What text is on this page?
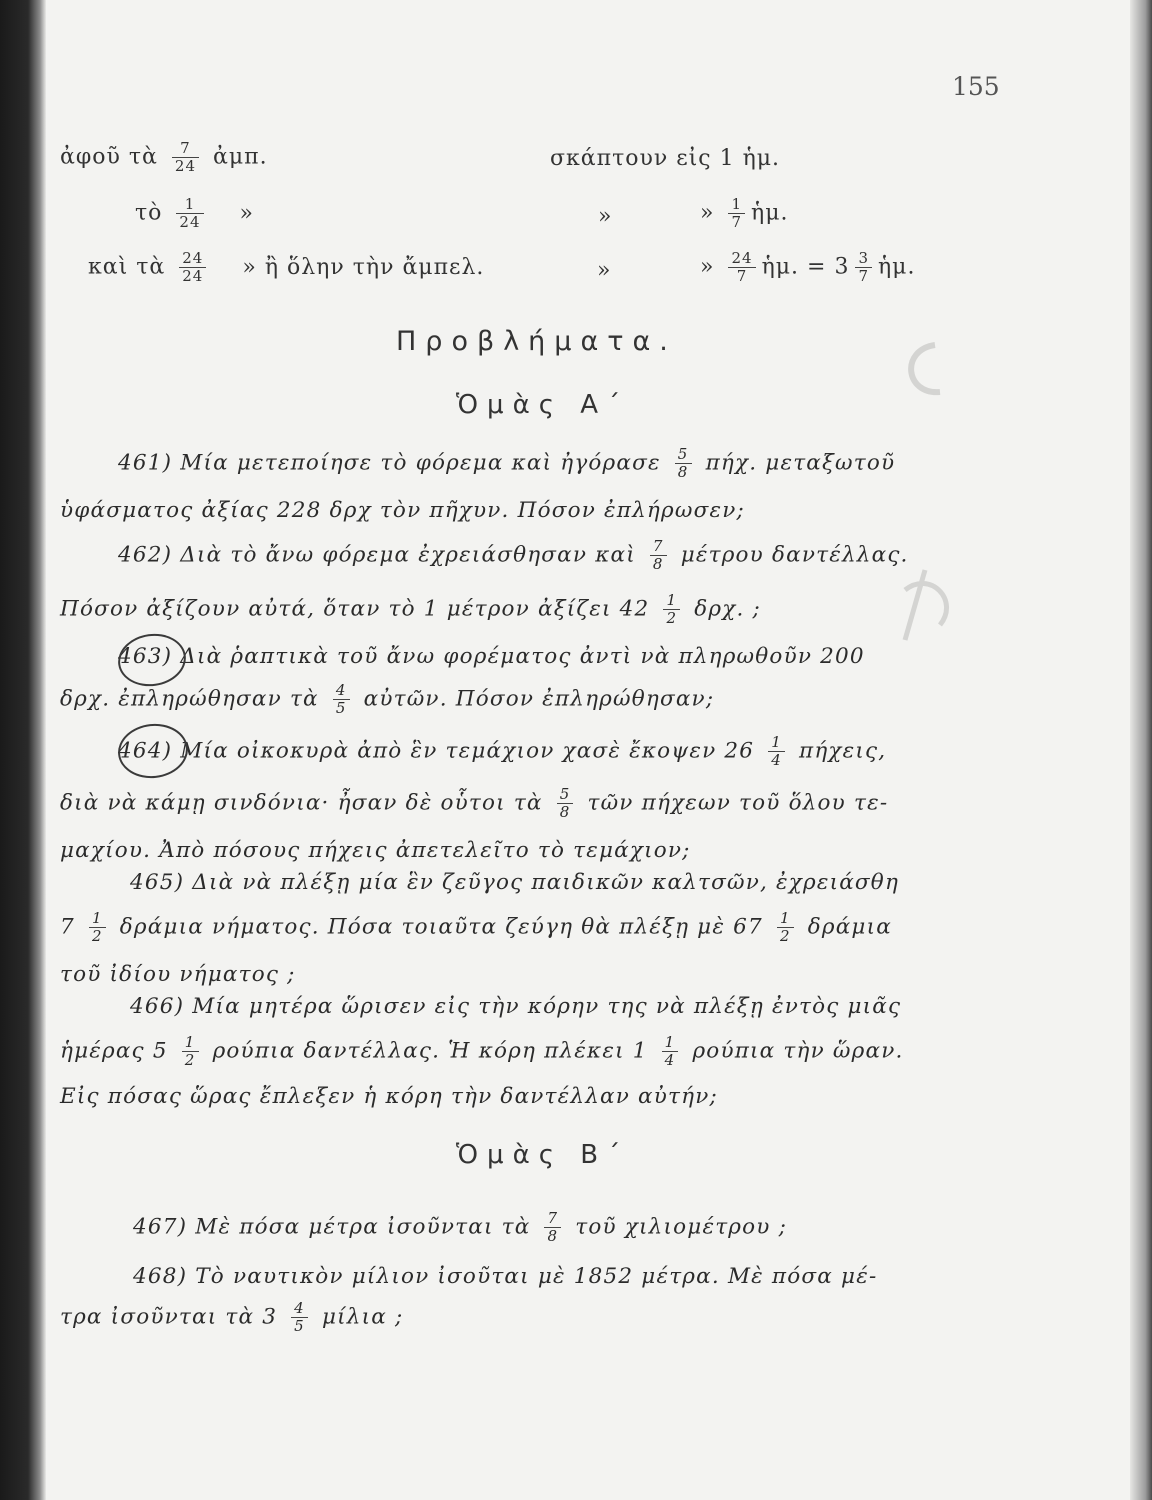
155
ἀφοῦ τὰ $\frac{7}{24}$ ἀμπ.	σκάπτουν εἰς 1 ἡμ.
τὸ $\frac{1}{24}$ »	»	» $\frac{1}{7}$ ἡμ.
καὶ τὰ $\frac{24}{24}$ » ἢ ὅλην τὴν ἄμπελ.	»	» $\frac{24}{7}$ ἡμ. = $3 \frac{3}{7}$ ἡμ.
Προβλήματα.
Ὁμὰς Α΄
461) Μία μετεποίησε τὸ φόρεμα καὶ ἠγόρασε $\frac{5}{8} \pi ή\chi$. μεταξωτοῦ
ὑφάσματος ἀξίας 228 δρχ τὸν πῆχυν. Πόσον ἐπλήρωσεν;
462) Διὰ τὸ ἄνω φόρεμα ἐχρειάσθησαν καὶ $\frac{7}{8}$ μέτρου δαντέλλας.
Πόσον ἀξίζουν αὐτά, ὅταν τὸ 1 μέτρον ἀξίζει $42 \frac{1}{2} \delta\rho\chi$. ;
463) Διὰ ῥαπτικὰ τοῦ ἄνω φορέματος ἀντὶ νὰ πληρωθοῦν 200
δρχ. ἐπληρώθησαν τὰ $\frac{4}{5}$ αὐτῶν. Πόσον ἐπληρώθησαν;
464) Μία οἰκοκυρὰ ἀπὸ ἓν τεμάχιον χασὲ ἔκοψεν $26 \frac{1}{4} \pi ή\chi\varepsilon\iota\varsigma$,
διὰ νὰ κάμῃ σινδόνια· ἦσαν δὲ οὗτοι τὰ $\frac{5}{8}$ τῶν πήχεων τοῦ ὅλου τε-
μαχίου. Ἀπὸ πόσους πήχεις ἀπετελεῖτο τὸ τεμάχιον;
465) Διὰ νὰ πλέξῃ μία ἓν ζεῦγος παιδικῶν καλτσῶν, ἐχρειάσθη
$7 \frac{1}{2}$ δράμια νήματος. Πόσα τοιαῦτα ζεύγη θὰ πλέξῃ μὲ $67 \frac{1}{2}$ δράμια
τοῦ ἰδίου νήματος ;
466) Μία μητέρα ὥρισεν εἰς τὴν κόρην της νὰ πλέξῃ ἐντὸς μιᾶς
ἡμέρας $5 \frac{1}{2}$ ρούπια δαντέλλας. Ἡ κόρη πλέκει $1 \frac{1}{4}$ ρούπια τὴν ὥραν.
Εἰς πόσας ὥρας ἔπλεξεν ἡ κόρη τὴν δαντέλλαν αὐτήν;
Ὁμὰς Β΄
467) Μὲ πόσα μέτρα ἰσοῦνται τὰ $\frac{7}{8}$ τοῦ χιλιομέτρου ;
468) Τὸ ναυτικὸν μίλιον ἰσοῦται μὲ 1852 μέτρα. Μὲ πόσα μέ-
τρα ἰσοῦνται τὰ $3 \frac{4}{5}$ μίλια ;
